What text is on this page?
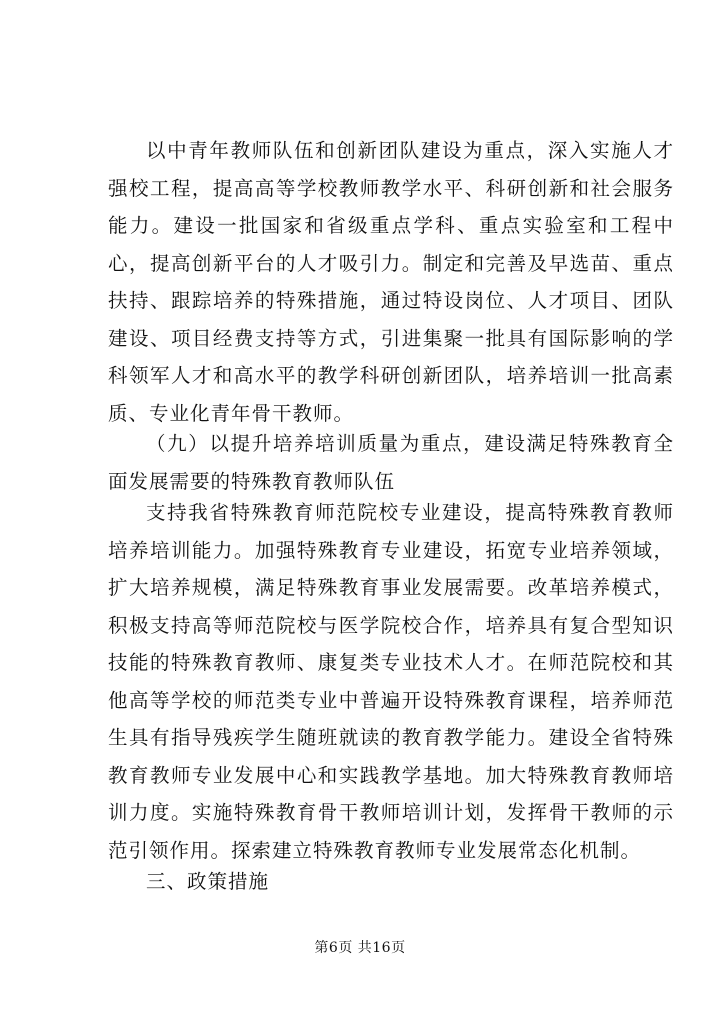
以中青年教师队伍和创新团队建设为重点，深入实施人才强校工程，提高高等学校教师教学水平、科研创新和社会服务能力。建设一批国家和省级重点学科、重点实验室和工程中心，提高创新平台的人才吸引力。制定和完善及早选苗、重点扶持、跟踪培养的特殊措施，通过特设岗位、人才项目、团队建设、项目经费支持等方式，引进集聚一批具有国际影响的学科领军人才和高水平的教学科研创新团队，培养培训一批高素质、专业化青年骨干教师。

（九）以提升培养培训质量为重点，建设满足特殊教育全面发展需要的特殊教育教师队伍

支持我省特殊教育师范院校专业建设，提高特殊教育教师培养培训能力。加强特殊教育专业建设，拓宽专业培养领域，扩大培养规模，满足特殊教育事业发展需要。改革培养模式，积极支持高等师范院校与医学院校合作，培养具有复合型知识技能的特殊教育教师、康复类专业技术人才。在师范院校和其他高等学校的师范类专业中普遍开设特殊教育课程，培养师范生具有指导残疾学生随班就读的教育教学能力。建设全省特殊教育教师专业发展中心和实践教学基地。加大特殊教育教师培训力度。实施特殊教育骨干教师培训计划，发挥骨干教师的示范引领作用。探索建立特殊教育教师专业发展常态化机制。

三、政策措施

第6页 共16页
